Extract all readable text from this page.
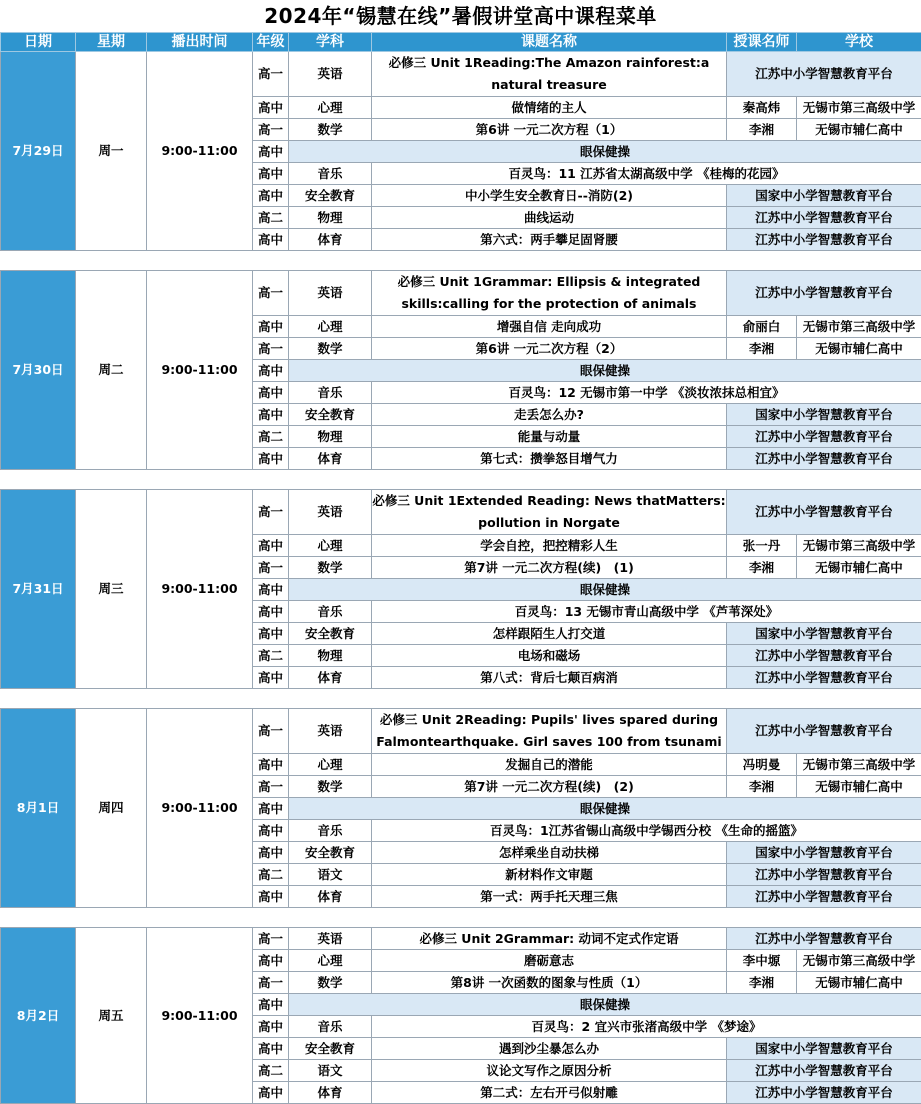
2024年“锡慧在线”暑假讲堂高中课程菜单
日期	星期	播出时间	年级	学科	课题名称	授课名师	学校
7月29日	周一	9:00-11:00	高一	英语	必修三 Unit 1Reading:The Amazon rainforest:a natural treasure	江苏中小学智慧教育平台	
			高中	心理	做情绪的主人	秦高炜	无锡市第三高级中学
			高一	数学	第6讲 一元二次方程（1）	李湘	无锡市辅仁高中
			高中	眼保健操			
			高中	音乐	百灵鸟：11 江苏省太湖高级中学 《桂梅的花园》		
			高中	安全教育	中小学生安全教育日--消防(2)	国家中小学智慧教育平台	
			高二	物理	曲线运动	江苏中小学智慧教育平台	
			高中	体育	第六式：两手攀足固肾腰	江苏中小学智慧教育平台	

7月30日	周二	9:00-11:00	高一	英语	必修三 Unit 1Grammar: Ellipsis & integrated skills:calling for the protection of animals	江苏中小学智慧教育平台	
			高中	心理	增强自信 走向成功	俞丽白	无锡市第三高级中学
			高一	数学	第6讲 一元二次方程（2）	李湘	无锡市辅仁高中
			高中	眼保健操			
			高中	音乐	百灵鸟：12 无锡市第一中学 《淡妆浓抹总相宜》		
			高中	安全教育	走丢怎么办?	国家中小学智慧教育平台	
			高二	物理	能量与动量	江苏中小学智慧教育平台	
			高中	体育	第七式：攒拳怒目增气力	江苏中小学智慧教育平台	

7月31日	周三	9:00-11:00	高一	英语	必修三 Unit 1Extended Reading: News thatMatters: pollution in Norgate	江苏中小学智慧教育平台	
			高中	心理	学会自控，把控精彩人生	张一丹	无锡市第三高级中学
			高一	数学	第7讲 一元二次方程(续)　(1)	李湘	无锡市辅仁高中
			高中	眼保健操			
			高中	音乐	百灵鸟：13 无锡市青山高级中学 《芦苇深处》		
			高中	安全教育	怎样跟陌生人打交道	国家中小学智慧教育平台	
			高二	物理	电场和磁场	江苏中小学智慧教育平台	
			高中	体育	第八式：背后七颠百病消	江苏中小学智慧教育平台	

8月1日	周四	9:00-11:00	高一	英语	必修三 Unit 2Reading: Pupils' lives spared during Falmontearthquake. Girl saves 100 from tsunami	江苏中小学智慧教育平台	
			高中	心理	发掘自己的潜能	冯明曼	无锡市第三高级中学
			高一	数学	第7讲 一元二次方程(续)　(2)	李湘	无锡市辅仁高中
			高中	眼保健操			
			高中	音乐	百灵鸟：1江苏省锡山高级中学锡西分校 《生命的摇篮》		
			高中	安全教育	怎样乘坐自动扶梯	国家中小学智慧教育平台	
			高二	语文	新材料作文审题	江苏中小学智慧教育平台	
			高中	体育	第一式：两手托天理三焦	江苏中小学智慧教育平台	

8月2日	周五	9:00-11:00	高一	英语	必修三 Unit 2Grammar: 动词不定式作定语	江苏中小学智慧教育平台	
			高中	心理	磨砺意志	李中塬	无锡市第三高级中学
			高一	数学	第8讲 一次函数的图象与性质（1）	李湘	无锡市辅仁高中
			高中	眼保健操			
			高中	音乐	百灵鸟：2 宜兴市张渚高级中学 《梦途》		
			高中	安全教育	遇到沙尘暴怎么办	国家中小学智慧教育平台	
			高二	语文	议论文写作之原因分析	江苏中小学智慧教育平台	
			高中	体育	第二式：左右开弓似射雕	江苏中小学智慧教育平台	
